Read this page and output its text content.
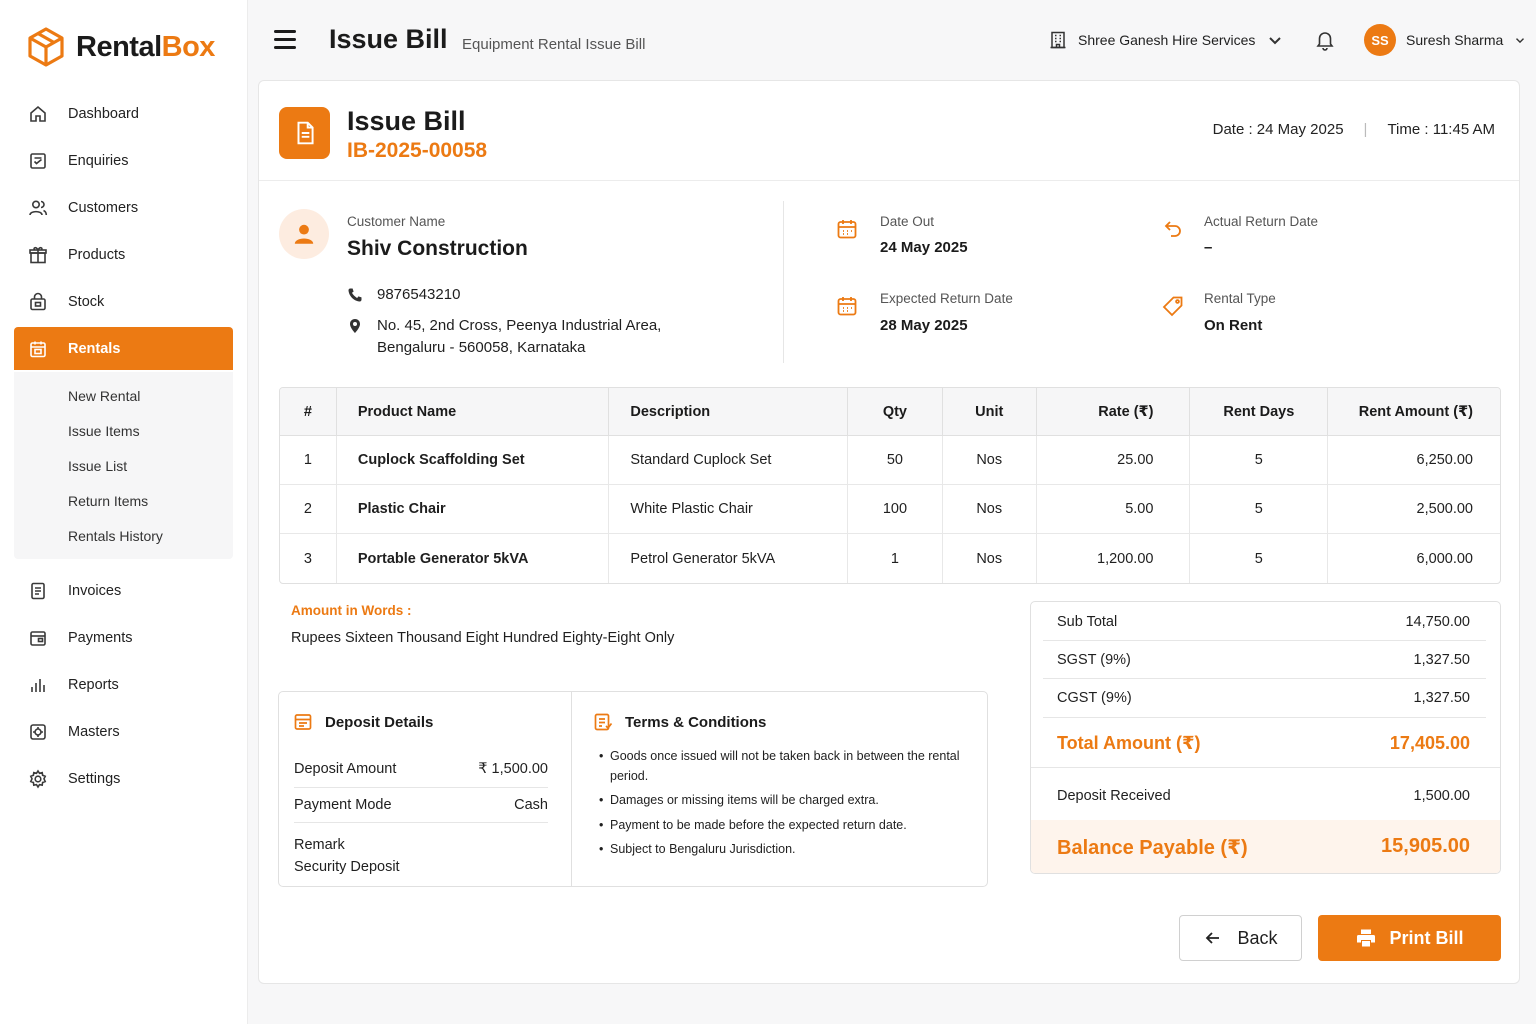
RentalBox
Dashboard
Enquiries
Customers
Products
Stock
Rentals
New Rental
Issue Items
Issue List
Return Items
Rentals History
Invoices
Payments
Reports
Masters
Settings
Issue Bill Equipment Rental Issue Bill	Shree Ganesh Hire Services	SS	Suresh Sharma
Issue Bill
IB-2025-00058
Date : 24 May 2025 | Time : 11:45 AM
Customer Name
Shiv Construction
9876543210
No. 45, 2nd Cross, Peenya Industrial Area,
Bengaluru - 560058, Karnataka
Date Out
24 May 2025
Actual Return Date
–
Expected Return Date
28 May 2025
Rental Type
On Rent
#	Product Name	Description	Qty	Unit	Rate (₹)	Rent Days	Rent Amount (₹)
1	Cuplock Scaffolding Set	Standard Cuplock Set	50	Nos	25.00	5	6,250.00
2	Plastic Chair	White Plastic Chair	100	Nos	5.00	5	2,500.00
3	Portable Generator 5kVA	Petrol Generator 5kVA	1	Nos	1,200.00	5	6,000.00
Amount in Words :
Rupees Sixteen Thousand Eight Hundred Eighty-Eight Only
Deposit Details
Deposit Amount	₹ 1,500.00
Payment Mode	Cash
Remark
Security Deposit
Terms & Conditions
• Goods once issued will not be taken back in between the rental period.
• Damages or missing items will be charged extra.
• Payment to be made before the expected return date.
• Subject to Bengaluru Jurisdiction.
Sub Total	14,750.00
SGST (9%)	1,327.50
CGST (9%)	1,327.50
Total Amount (₹)	17,405.00
Deposit Received	1,500.00
Balance Payable (₹)	15,905.00
Back	Print Bill
